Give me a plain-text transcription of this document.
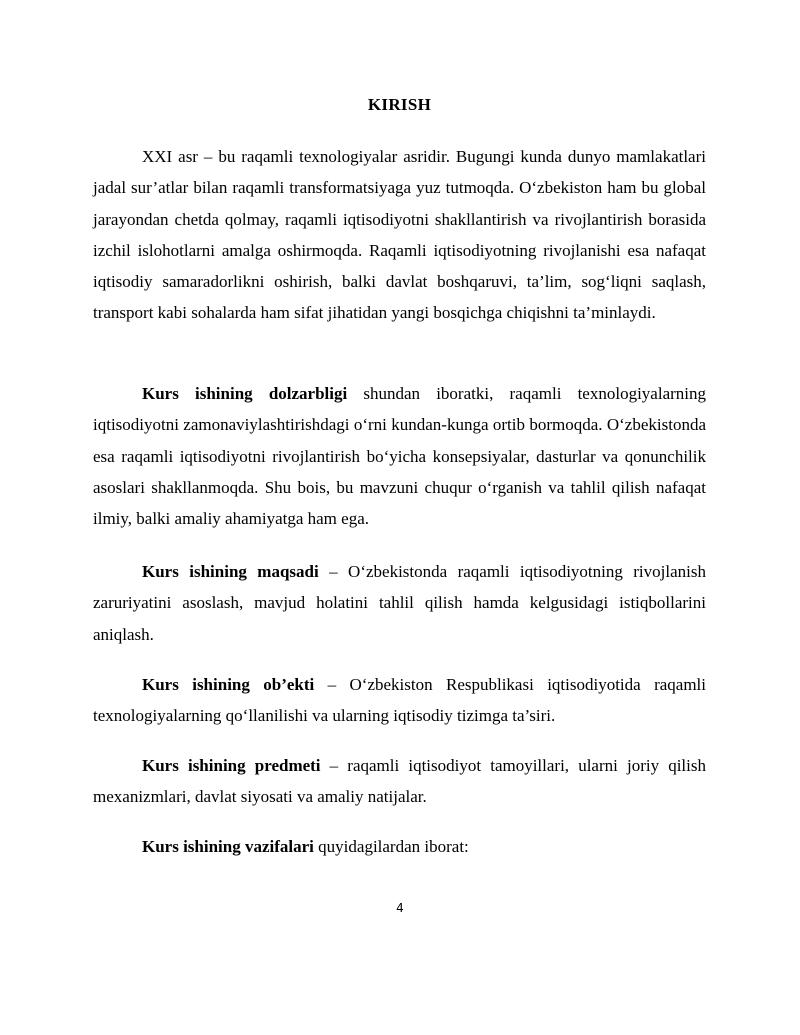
KIRISH

XXI asr – bu raqamli texnologiyalar asridir. Bugungi kunda dunyo mamlakatlari jadal sur’atlar bilan raqamli transformatsiyaga yuz tutmoqda. O‘zbekiston ham bu global jarayondan chetda qolmay, raqamli iqtisodiyotni shakllantirish va rivojlantirish borasida izchil islohotlarni amalga oshirmoqda. Raqamli iqtisodiyotning rivojlanishi esa nafaqat iqtisodiy samaradorlikni oshirish, balki davlat boshqaruvi, ta’lim, sog‘liqni saqlash, transport kabi sohalarda ham sifat jihatidan yangi bosqichga chiqishni ta’minlaydi.

Kurs ishining dolzarbligi shundan iboratki, raqamli texnologiyalarning iqtisodiyotni zamonaviylashtirishdagi o‘rni kundan-kunga ortib bormoqda. O‘zbekistonda esa raqamli iqtisodiyotni rivojlantirish bo‘yicha konsepsiyalar, dasturlar va qonunchilik asoslari shakllanmoqda. Shu bois, bu mavzuni chuqur o‘rganish va tahlil qilish nafaqat ilmiy, balki amaliy ahamiyatga ham ega.

Kurs ishining maqsadi – O‘zbekistonda raqamli iqtisodiyotning rivojlanish zaruriyatini asoslash, mavjud holatini tahlil qilish hamda kelgusidagi istiqbollarini aniqlash.

Kurs ishining ob’ekti – O‘zbekiston Respublikasi iqtisodiyotida raqamli texnologiyalarning qo‘llanilishi va ularning iqtisodiy tizimga ta’siri.

Kurs ishining predmeti – raqamli iqtisodiyot tamoyillari, ularni joriy qilish mexanizmlari, davlat siyosati va amaliy natijalar.

Kurs ishining vazifalari quyidagilardan iborat:

4
